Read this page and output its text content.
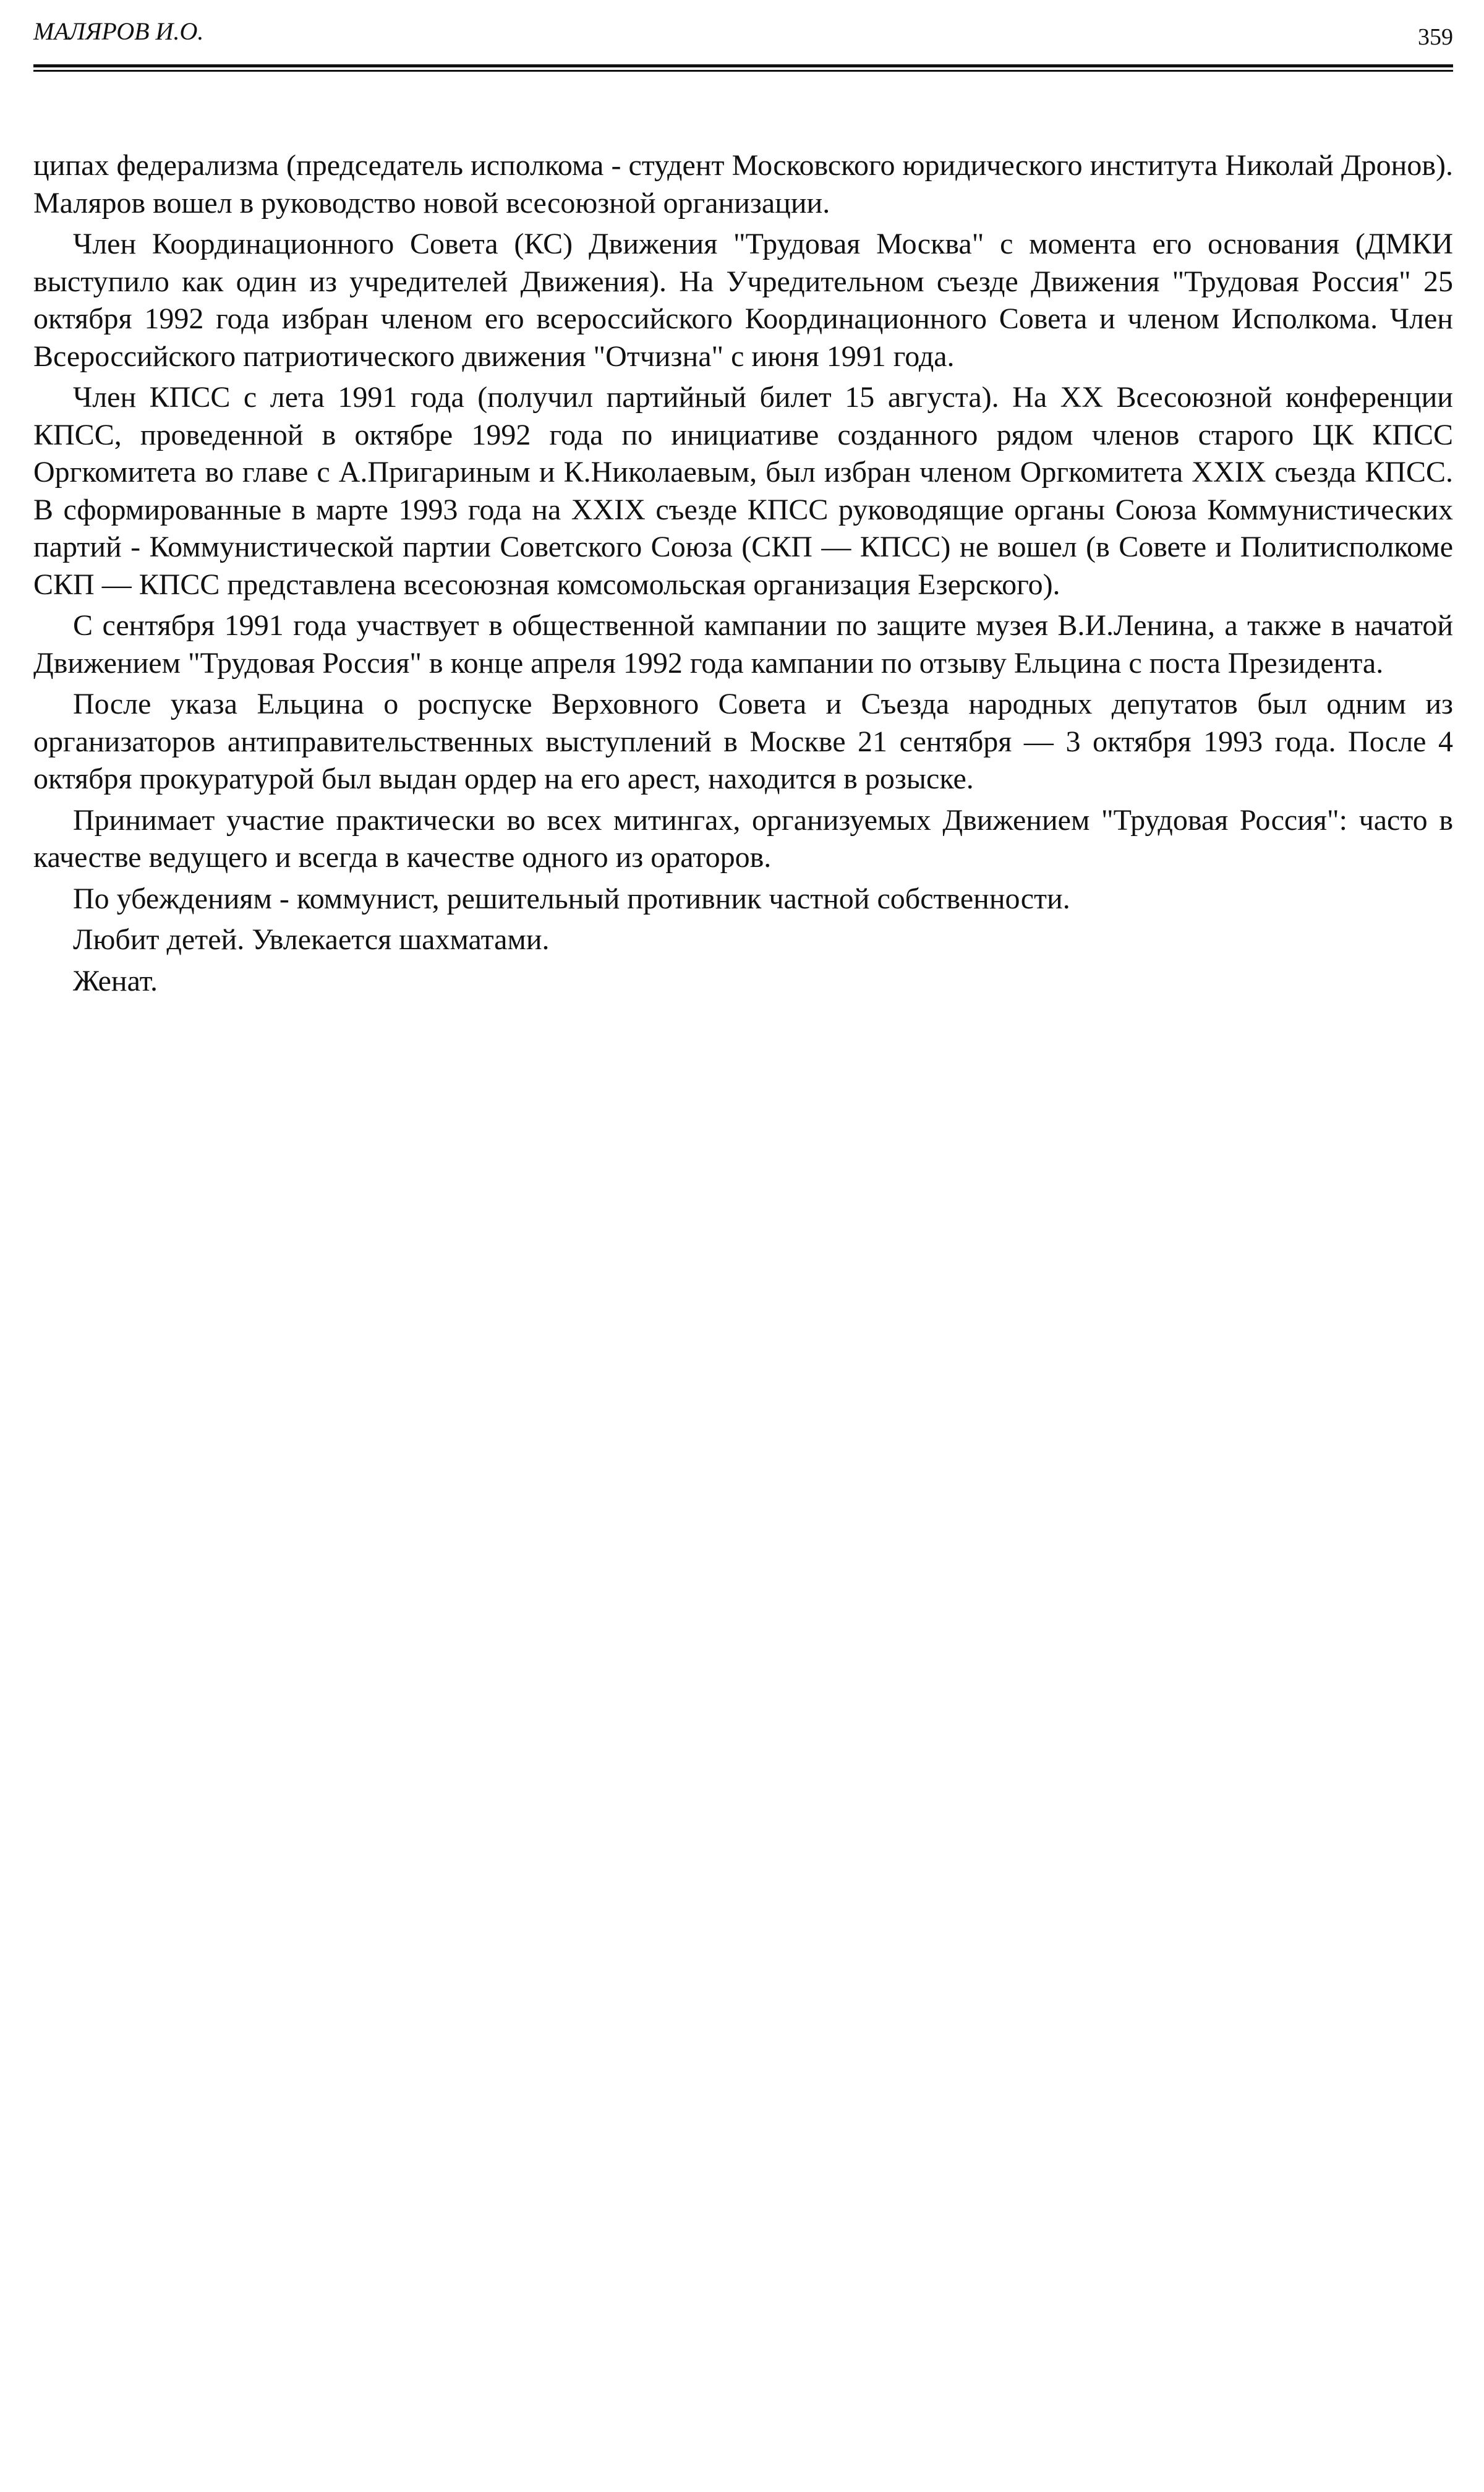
МАЛЯРОВ И.О.	359

ципах федерализма (председатель исполкома - студент Московского юридического института Николай Дронов). Маляров вошел в руководство новой всесоюзной организации.

Член Координационного Совета (КС) Движения "Трудовая Москва" с момента его основания (ДМКИ выступило как один из учредителей Движения). На Учредительном съезде Движения "Трудовая Россия" 25 октября 1992 года избран членом его всероссийского Координационного Совета и членом Исполкома. Член Всероссийского патриотического движения "Отчизна" с июня 1991 года.

Член КПСС с лета 1991 года (получил партийный билет 15 августа). На XX Всесоюзной конференции КПСС, проведенной в октябре 1992 года по инициативе созданного рядом членов старого ЦК КПСС Оргкомитета во главе с А.Пригариным и К.Николаевым, был избран членом Оргкомитета XXIX съезда КПСС. В сформированные в марте 1993 года на XXIX съезде КПСС руководящие органы Союза Коммунистических партий - Коммунистической партии Советского Союза (СКП — КПСС) не вошел (в Совете и Политисполкоме СКП — КПСС представлена всесоюзная комсомольская организация Езерского).

С сентября 1991 года участвует в общественной кампании по защите музея В.И.Ленина, а также в начатой Движением "Трудовая Россия" в конце апреля 1992 года кампании по отзыву Ельцина с поста Президента.

После указа Ельцина о роспуске Верховного Совета и Съезда народных депутатов был одним из организаторов антиправительственных выступлений в Москве 21 сентября — 3 октября 1993 года. После 4 октября прокуратурой был выдан ордер на его арест, находится в розыске.

Принимает участие практически во всех митингах, организуемых Движением "Трудовая Россия": часто в качестве ведущего и всегда в качестве одного из ораторов.

По убеждениям - коммунист, решительный противник частной собственности.

Любит детей. Увлекается шахматами.

Женат.
